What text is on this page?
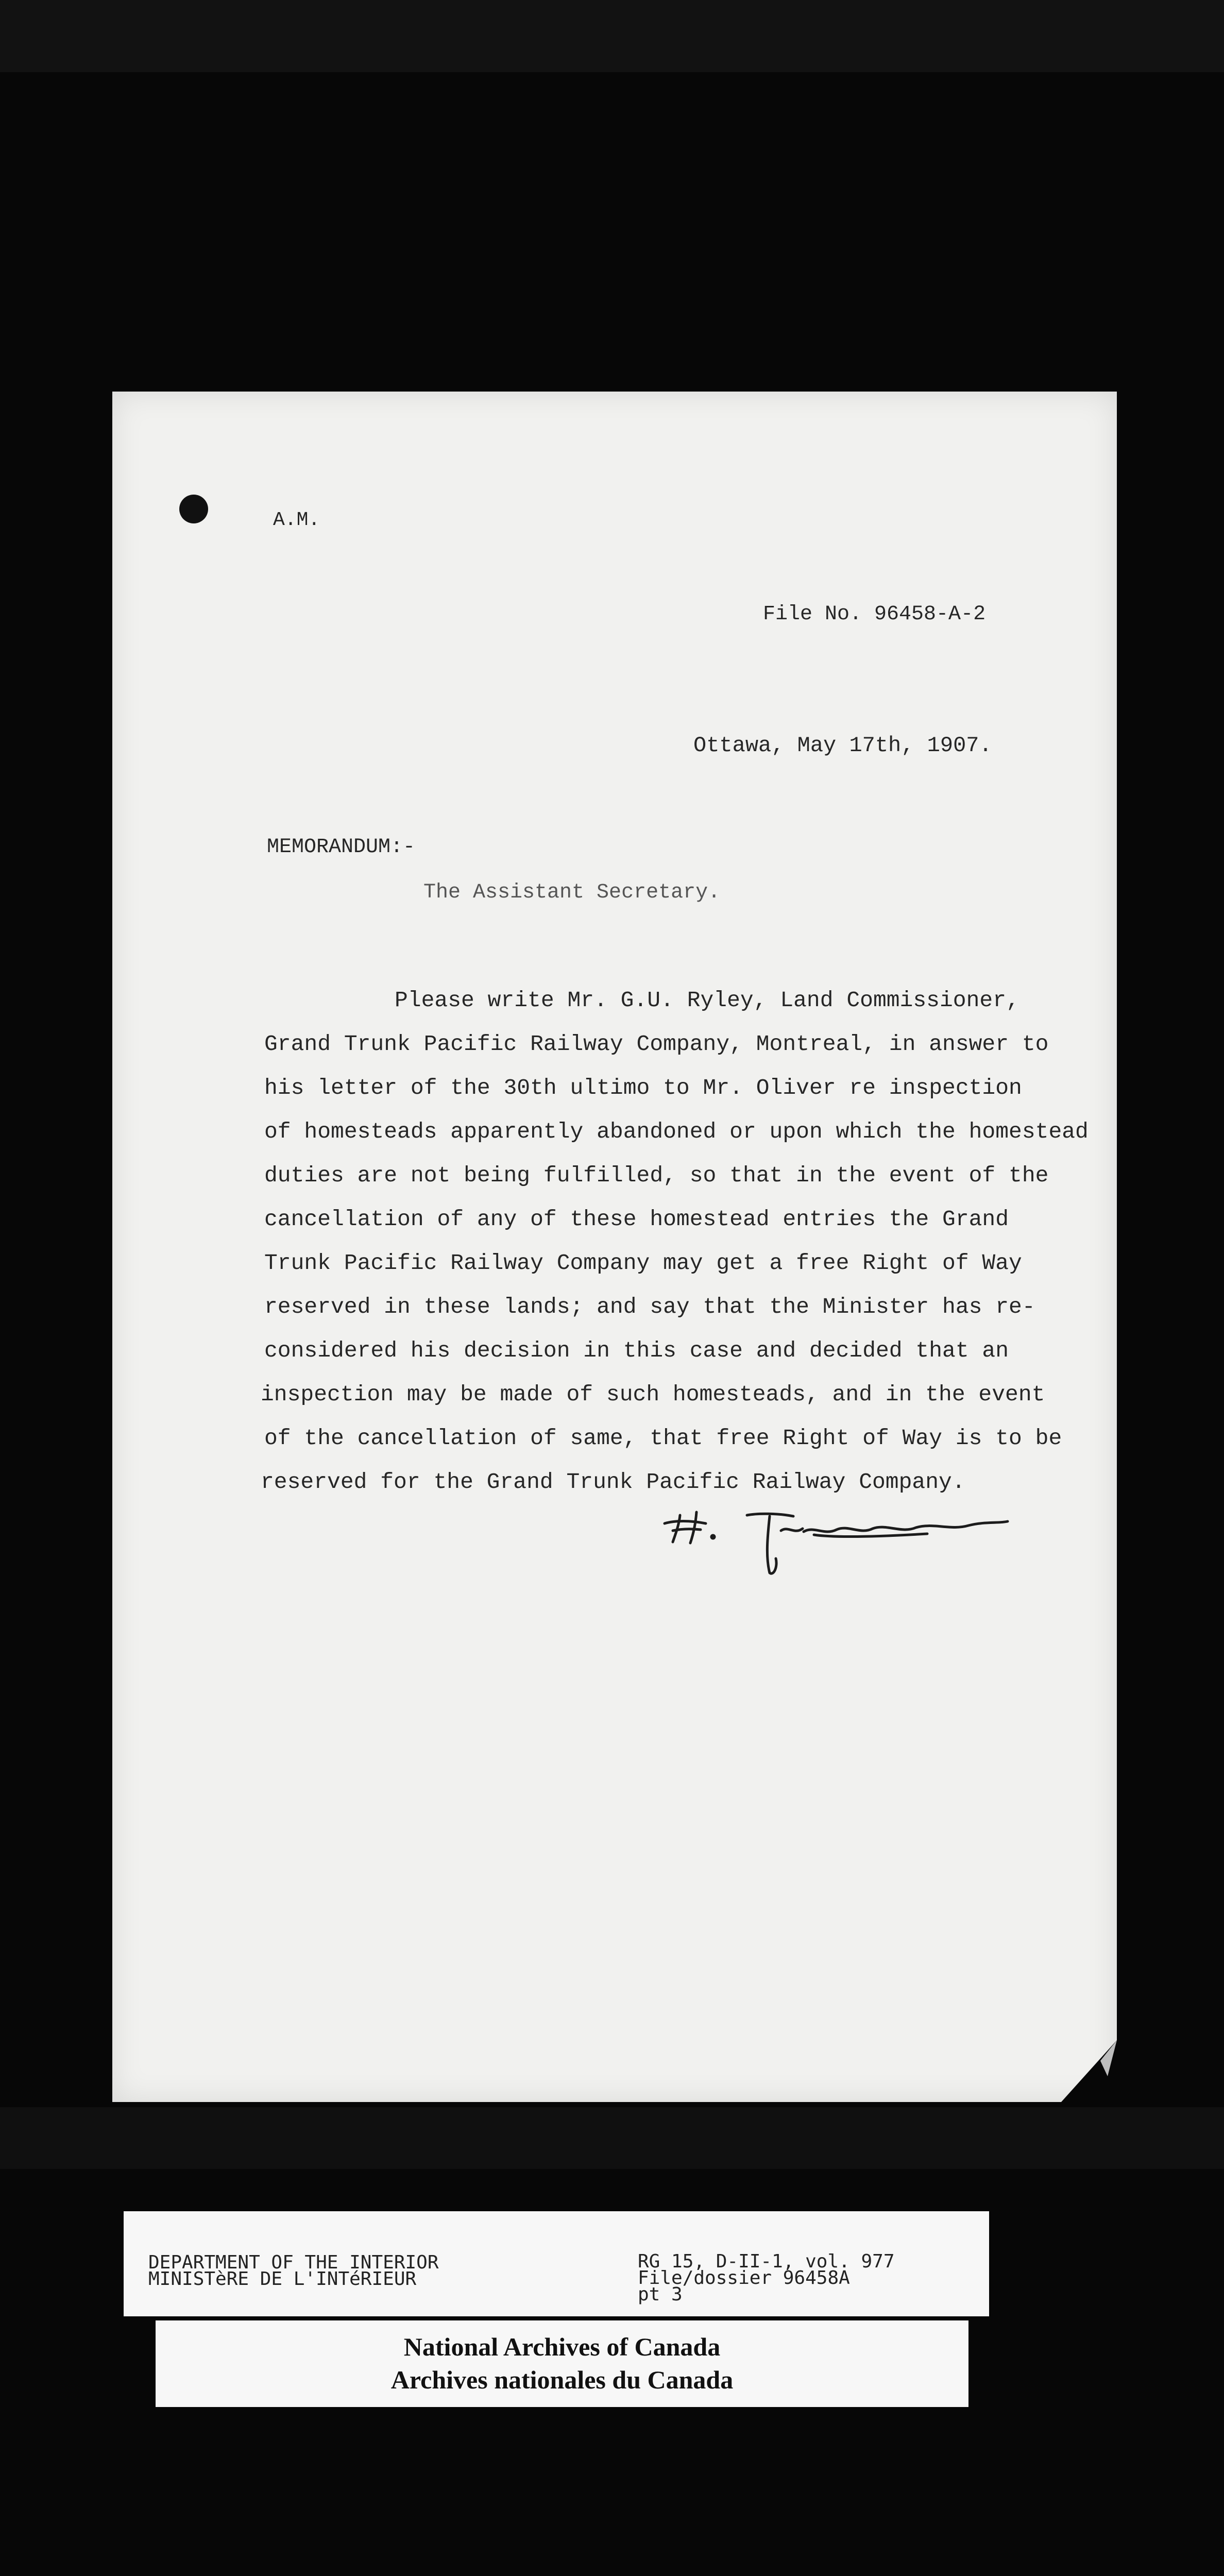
A.M.
File No. 96458-A-2
Ottawa, May 17th, 1907.
MEMORANDUM:-
The Assistant Secretary.
Please write Mr. G.U. Ryley, Land Commissioner,
Grand Trunk Pacific Railway Company, Montreal, in answer to
his letter of the 30th ultimo to Mr. Oliver re inspection
of homesteads apparently abandoned or upon which the homestead
duties are not being fulfilled, so that in the event of the
cancellation of any of these homestead entries the Grand
Trunk Pacific Railway Company may get a free Right of Way
reserved in these lands; and say that the Minister has re-
considered his decision in this case and decided that an
inspection may be made of such homesteads, and in the event
of the cancellation of same, that free Right of Way is to be
reserved for the Grand Trunk Pacific Railway Company.
DEPARTMENT OF THE INTERIOR
MINISTèRE DE L'INTéRIEUR
RG 15, D-II-1, vol. 977
File/dossier 96458A
pt 3
National Archives of Canada
Archives nationales du Canada
